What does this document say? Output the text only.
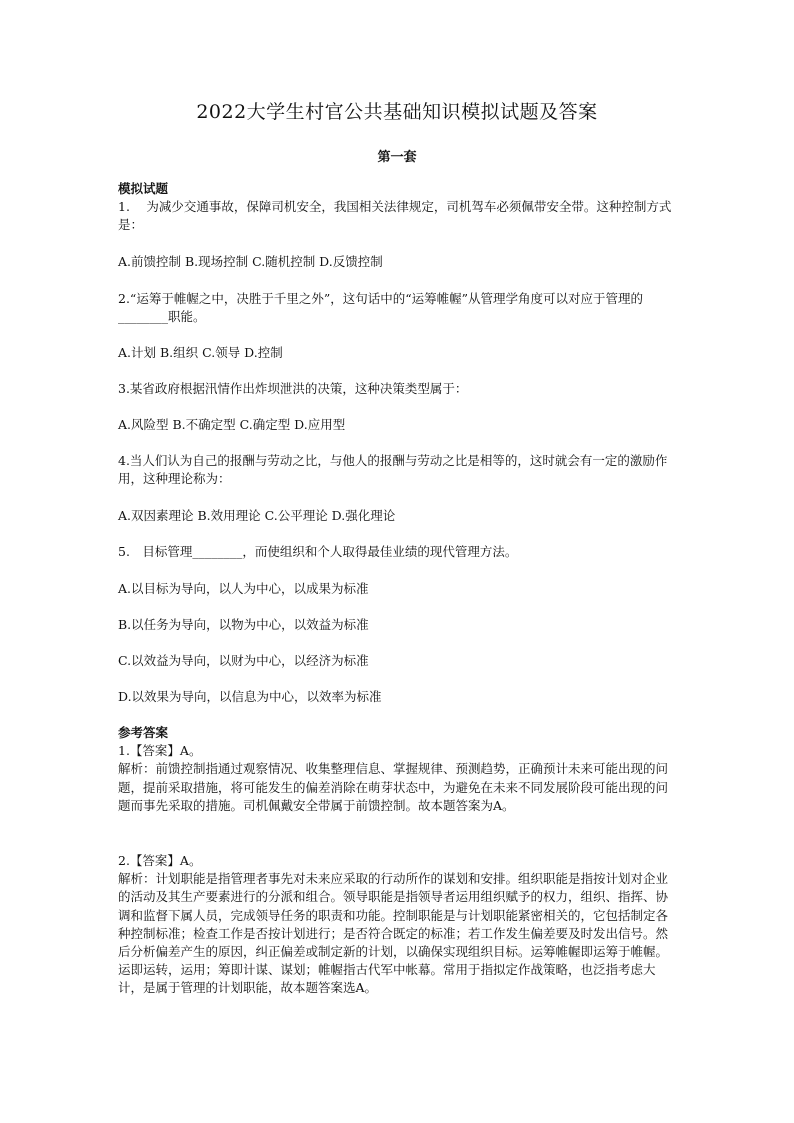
2022大学生村官公共基础知识模拟试题及答案
第一套
模拟试题

1.　 为减少交通事故，保障司机安全，我国相关法律规定，司机驾车必须佩带安全带。这种控制方式是：

A.前馈控制 B.现场控制 C.随机控制 D.反馈控制
2.“运筹于帷幄之中，决胜于千里之外”，这句话中的“运筹帷幄”从管理学角度可以对应于管理的________职能。
A.计划 B.组织 C.领导 D.控制
3.某省政府根据汛情作出炸坝泄洪的决策，这种决策类型属于：
A.风险型 B.不确定型 C.确定型 D.应用型
4.当人们认为自己的报酬与劳动之比，与他人的报酬与劳动之比是相等的，这时就会有一定的激励作用，这种理论称为：
A.双因素理论 B.效用理论 C.公平理论 D.强化理论
5.　目标管理________，而使组织和个人取得最佳业绩的现代管理方法。
A.以目标为导向，以人为中心，以成果为标准
B.以任务为导向，以物为中心，以效益为标准
C.以效益为导向，以财为中心，以经济为标准
D.以效果为导向，以信息为中心，以效率为标准
参考答案
1.【答案】A。
解析：前馈控制指通过观察情况、收集整理信息、掌握规律、预测趋势，正确预计未来可能出现的问题，提前采取措施，将可能发生的偏差消除在萌芽状态中，为避免在未来不同发展阶段可能出现的问题而事先采取的措施。司机佩戴安全带属于前馈控制。故本题答案为A。
2.【答案】A。
解析：计划职能是指管理者事先对未来应采取的行动所作的谋划和安排。组织职能是指按计划对企业的活动及其生产要素进行的分派和组合。领导职能是指领导者运用组织赋予的权力，组织、指挥、协调和监督下属人员，完成领导任务的职责和功能。控制职能是与计划职能紧密相关的，它包括制定各种控制标准；检查工作是否按计划进行；是否符合既定的标准；若工作发生偏差要及时发出信号。然后分析偏差产生的原因，纠正偏差或制定新的计划，以确保实现组织目标。运筹帷幄即运筹于帷幄。运即运转，运用；筹即计谋、谋划；帷幄指古代军中帐幕。常用于指拟定作战策略，也泛指考虑大计，是属于管理的计划职能，故本题答案选A。
